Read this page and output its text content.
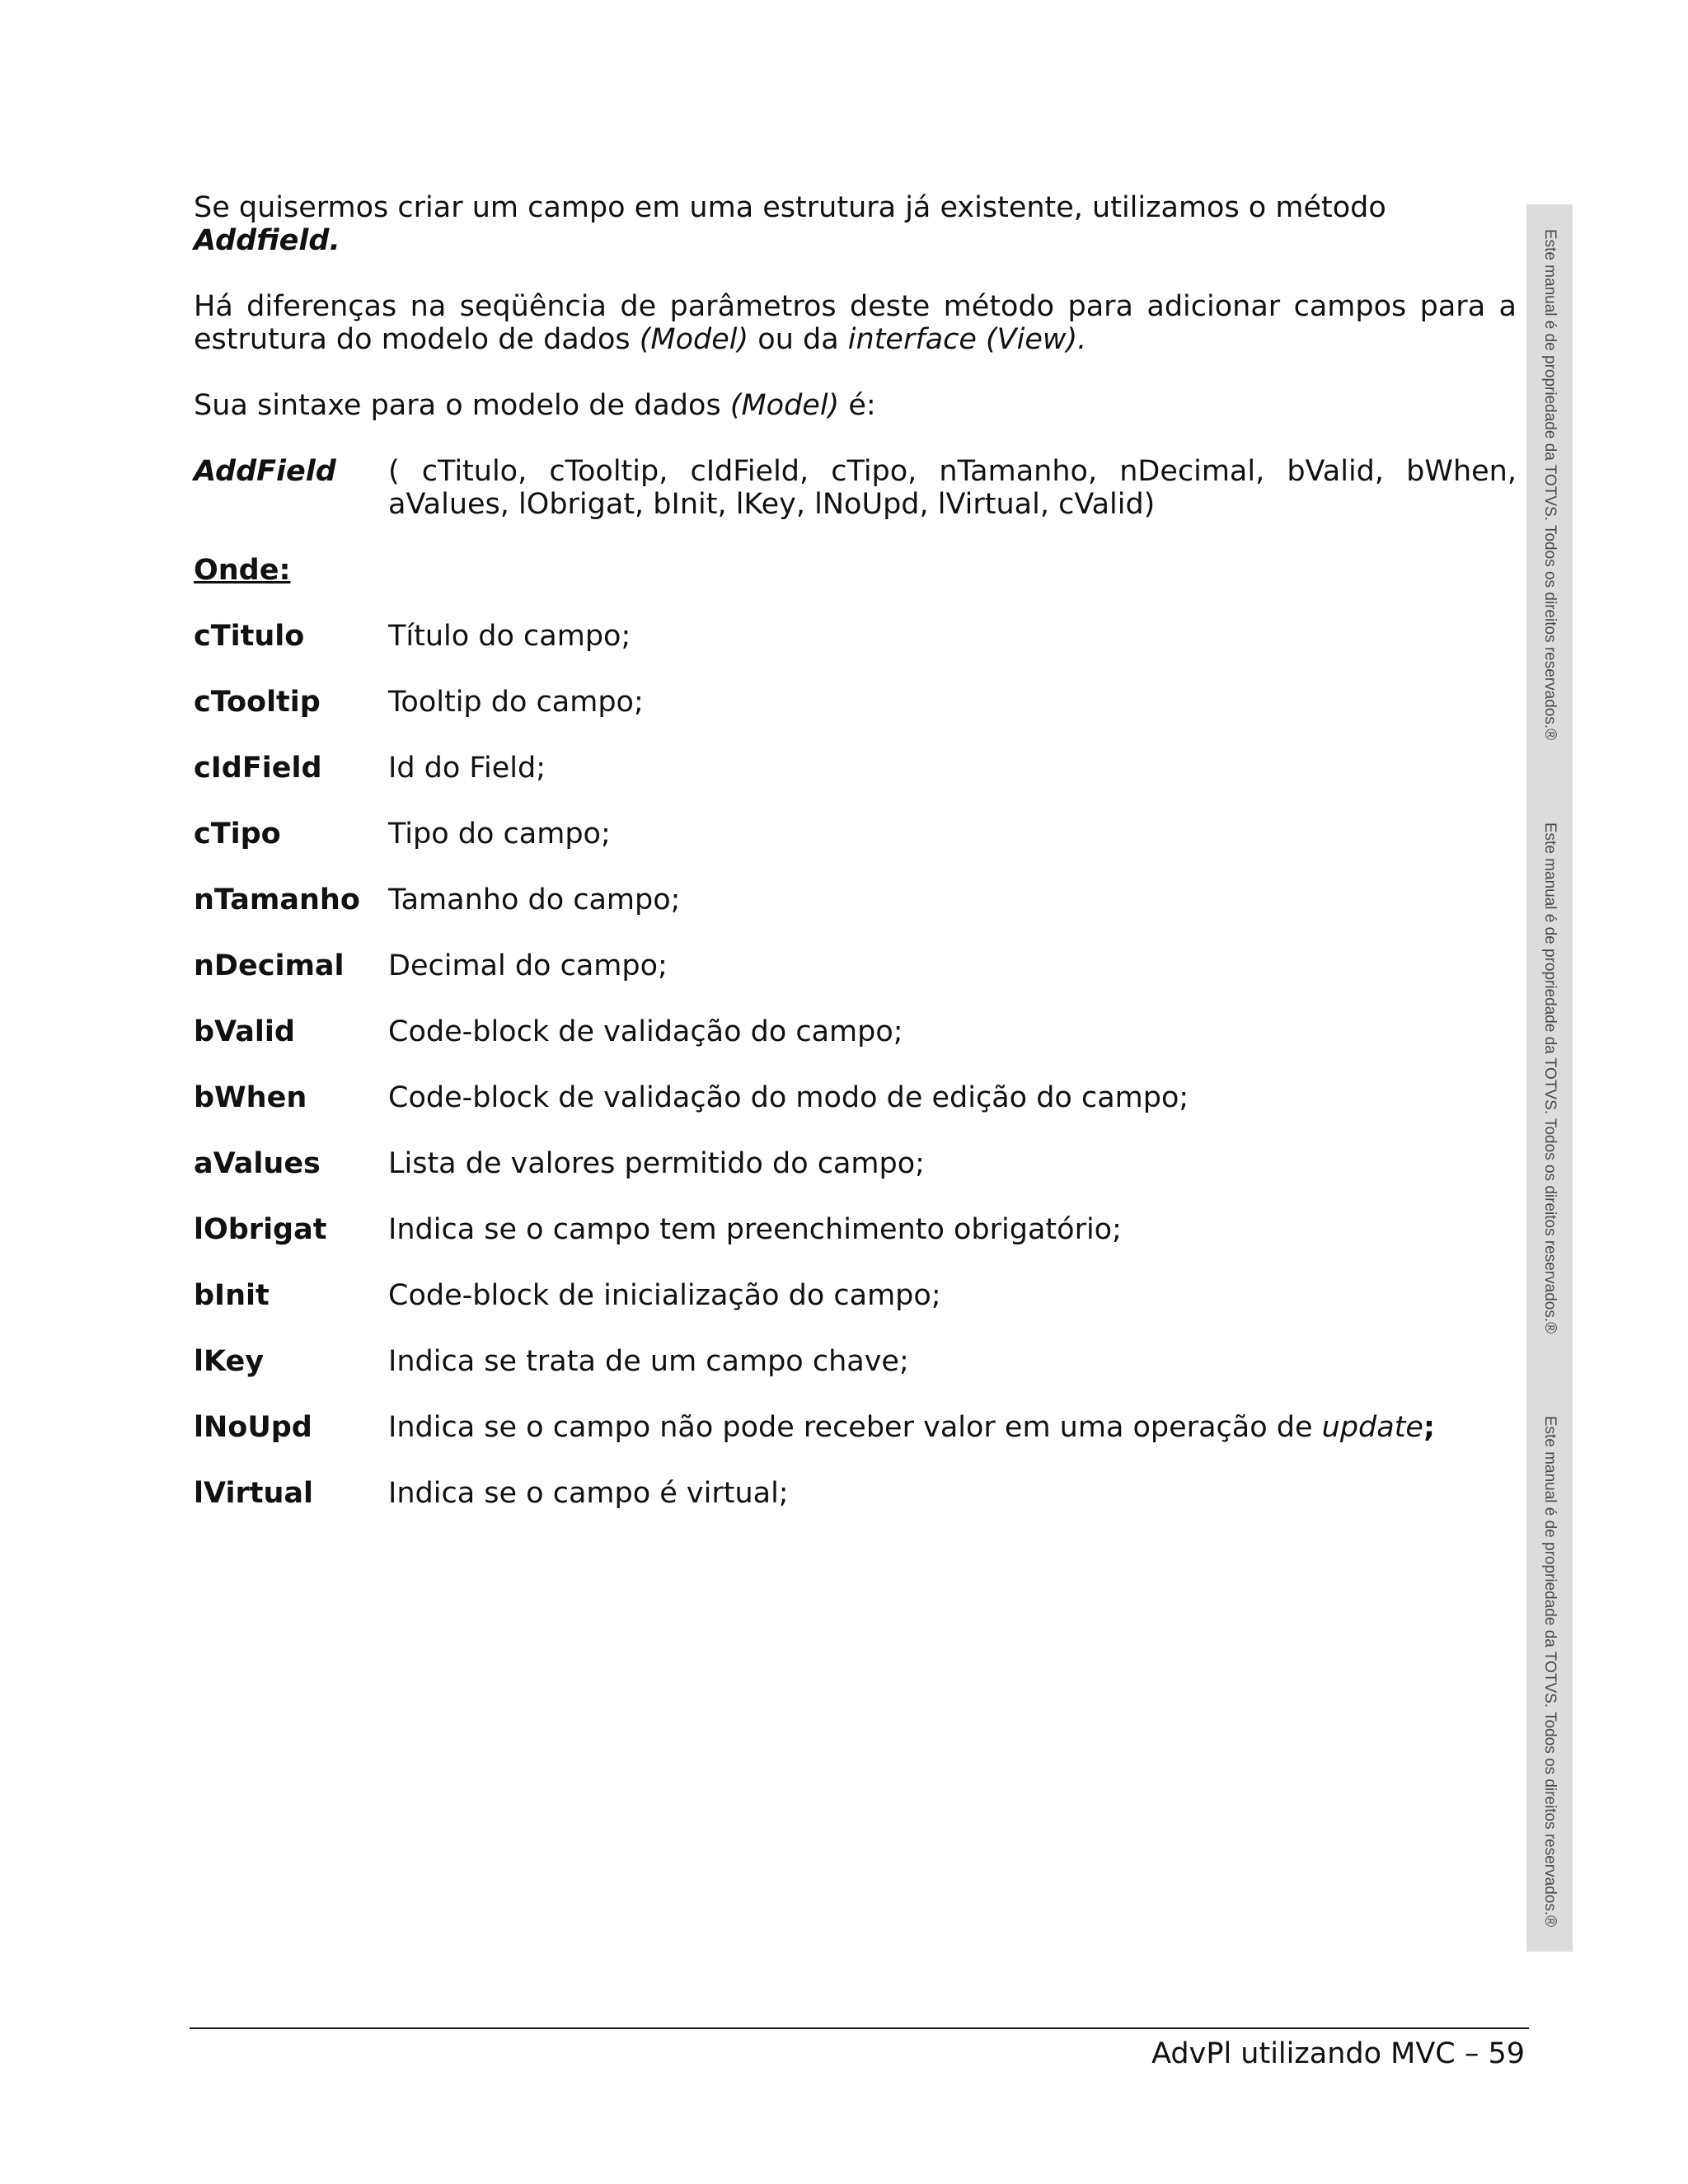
Se quisermos criar um campo em uma estrutura já existente, utilizamos o método Addfield.

Há diferenças na seqüência de parâmetros deste método para adicionar campos para a estrutura do modelo de dados (Model) ou da interface (View).

Sua sintaxe para o modelo de dados (Model) é:

AddField	( cTitulo, cTooltip, cIdField, cTipo, nTamanho, nDecimal, bValid, bWhen, aValues, lObrigat, bInit, lKey, lNoUpd, lVirtual, cValid)
Onde:
cTitulo	Título do campo;
cTooltip	Tooltip do campo;
cIdField	Id do Field;
cTipo	Tipo do campo;
nTamanho Tamanho do campo;
nDecimal	Decimal do campo;
bValid	Code-block de validação do campo;
bWhen	Code-block de validação do modo de edição do campo;
aValues	Lista de valores permitido do campo;
lObrigat	Indica se o campo tem preenchimento obrigatório;
bInit	Code-block de inicialização do campo;
lKey	Indica se trata de um campo chave;
lNoUpd	Indica se o campo não pode receber valor em uma operação de update;
lVirtual	Indica se o campo é virtual;
Este manual é de propriedade da TOTVS. Todos os direitos reservados.®
Este manual é de propriedade da TOTVS. Todos os direitos reservados.®
Este manual é de propriedade da TOTVS. Todos os direitos reservados.®
AdvPl utilizando MVC – 59
